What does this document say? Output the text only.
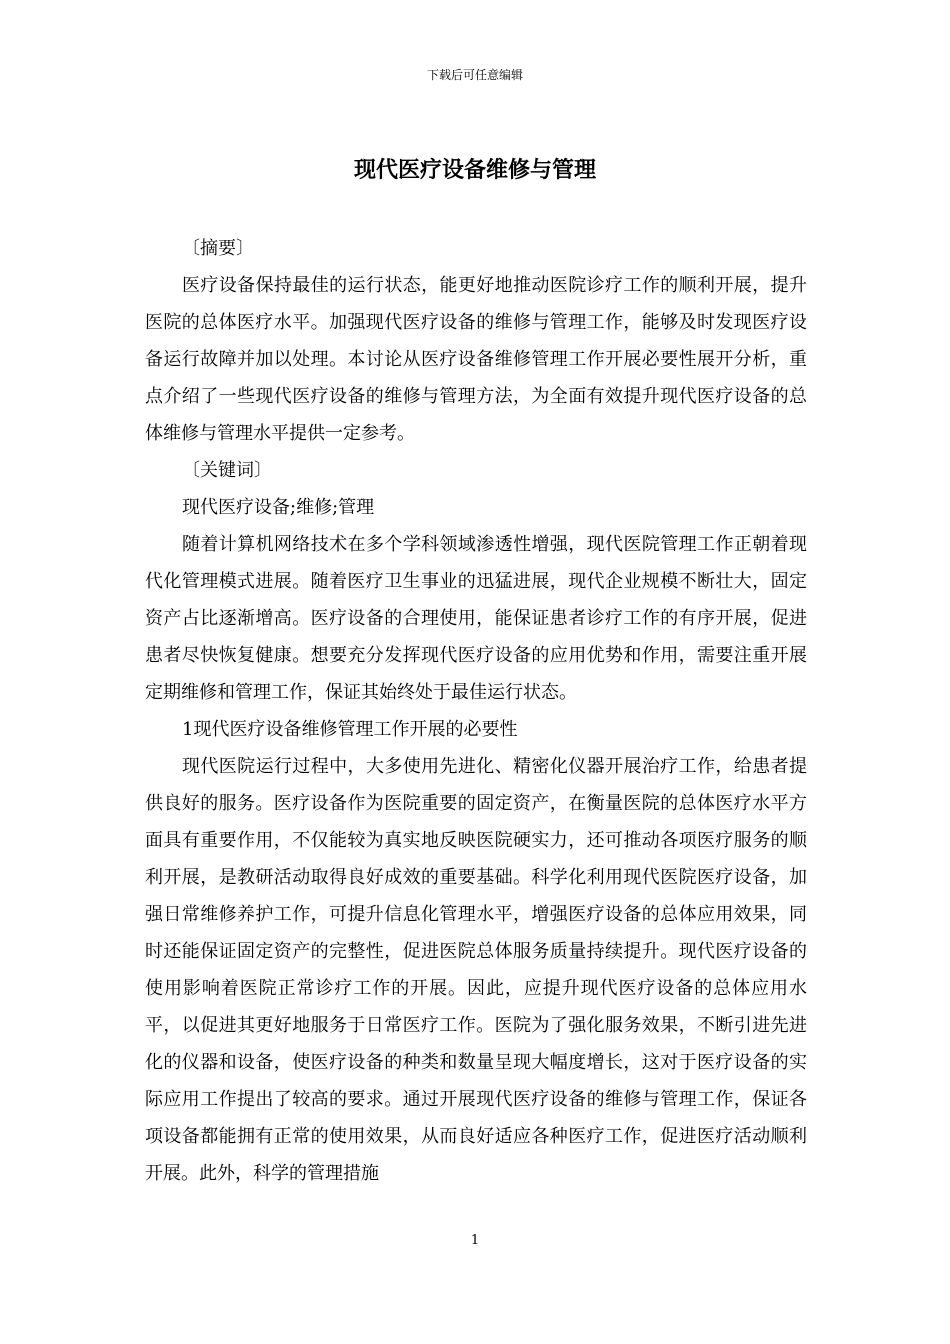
下载后可任意编辑
现代医疗设备维修与管理

〔摘要〕

医疗设备保持最佳的运行状态，能更好地推动医院诊疗工作的顺利开展，提升医院的总体医疗水平。加强现代医疗设备的维修与管理工作，能够及时发现医疗设备运行故障并加以处理。本讨论从医疗设备维修管理工作开展必要性展开分析，重点介绍了一些现代医疗设备的维修与管理方法，为全面有效提升现代医疗设备的总体维修与管理水平提供一定参考。

〔关键词〕

现代医疗设备;维修;管理

随着计算机网络技术在多个学科领域渗透性增强，现代医院管理工作正朝着现代化管理模式进展。随着医疗卫生事业的迅猛进展，现代企业规模不断壮大，固定资产占比逐渐增高。医疗设备的合理使用，能保证患者诊疗工作的有序开展，促进患者尽快恢复健康。想要充分发挥现代医疗设备的应用优势和作用，需要注重开展定期维修和管理工作，保证其始终处于最佳运行状态。

1现代医疗设备维修管理工作开展的必要性

现代医院运行过程中，大多使用先进化、精密化仪器开展治疗工作，给患者提供良好的服务。医疗设备作为医院重要的固定资产，在衡量医院的总体医疗水平方面具有重要作用，不仅能较为真实地反映医院硬实力，还可推动各项医疗服务的顺利开展，是教研活动取得良好成效的重要基础。科学化利用现代医院医疗设备，加强日常维修养护工作，可提升信息化管理水平，增强医疗设备的总体应用效果，同时还能保证固定资产的完整性，促进医院总体服务质量持续提升。现代医疗设备的使用影响着医院正常诊疗工作的开展。因此，应提升现代医疗设备的总体应用水平，以促进其更好地服务于日常医疗工作。医院为了强化服务效果，不断引进先进化的仪器和设备，使医疗设备的种类和数量呈现大幅度增长，这对于医疗设备的实际应用工作提出了较高的要求。通过开展现代医疗设备的维修与管理工作，保证各项设备都能拥有正常的使用效果，从而良好适应各种医疗工作，促进医疗活动顺利开展。此外，科学的管理措施

1
